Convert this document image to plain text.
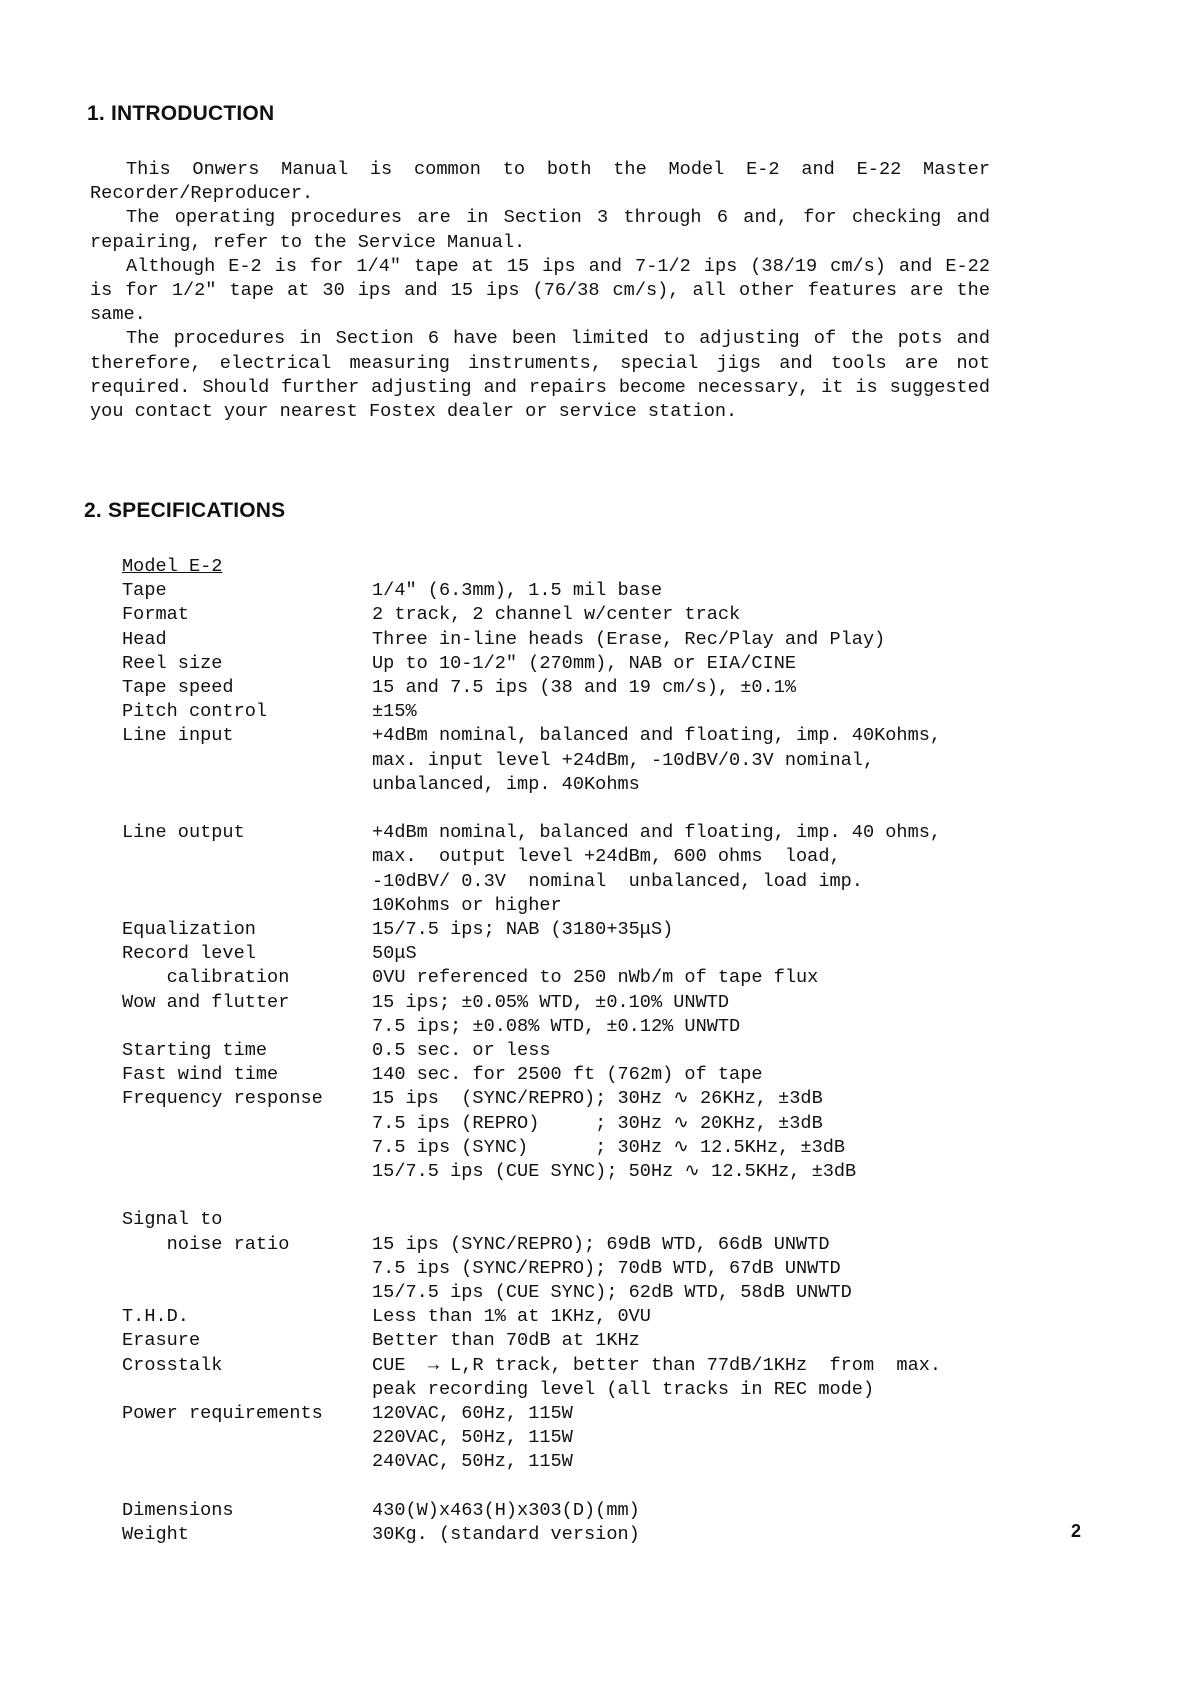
1. INTRODUCTION

This Onwers Manual is common to both the Model E-2 and E-22 Master Recorder/Reproducer.

The operating procedures are in Section 3 through 6 and, for checking and repairing, refer to the Service Manual.

Although E-2 is for 1/4" tape at 15 ips and 7-1/2 ips (38/19 cm/s) and E-22 is for 1/2" tape at 30 ips and 15 ips (76/38 cm/s), all other features are the same.

The procedures in Section 6 have been limited to adjusting of the pots and therefore, electrical measuring instruments, special jigs and tools are not required. Should further adjusting and repairs become necessary, it is suggested you contact your nearest Fostex dealer or service station.

2. SPECIFICATIONS
Model E-2
Tape	1/4" (6.3mm), 1.5 mil base
Format	2 track, 2 channel w/center track
Head	Three in-line heads (Erase, Rec/Play and Play)
Reel size	Up to 10-1/2" (270mm), NAB or EIA/CINE
Tape speed	15 and 7.5 ips (38 and 19 cm/s), ±0.1%
Pitch control	±15%
Line input	+4dBm nominal, balanced and floating, imp. 40Kohms,
max. input level +24dBm, -10dBV/0.3V nominal,
unbalanced, imp. 40Kohms
Line output	+4dBm nominal, balanced and floating, imp. 40 ohms,
max.  output level +24dBm, 600 ohms  load,
-10dBV/ 0.3V  nominal  unbalanced, load imp.
10Kohms or higher
Equalization	15/7.5 ips; NAB (3180+35μS)
Record level	50μS
calibration	0VU referenced to 250 nWb/m of tape flux
Wow and flutter	15 ips; ±0.05% WTD, ±0.10% UNWTD
7.5 ips; ±0.08% WTD, ±0.12% UNWTD
Starting time	0.5 sec. or less
Fast wind time	140 sec. for 2500 ft (762m) of tape
Frequency response	15 ips  (SYNC/REPRO); 30Hz ∿ 26KHz, ±3dB
7.5 ips (REPRO)     ; 30Hz ∿ 20KHz, ±3dB
7.5 ips (SYNC)      ; 30Hz ∿ 12.5KHz, ±3dB
15/7.5 ips (CUE SYNC); 50Hz ∿ 12.5KHz, ±3dB
Signal to
noise ratio	15 ips (SYNC/REPRO); 69dB WTD, 66dB UNWTD
7.5 ips (SYNC/REPRO); 70dB WTD, 67dB UNWTD
15/7.5 ips (CUE SYNC); 62dB WTD, 58dB UNWTD
T.H.D.	Less than 1% at 1KHz, 0VU
Erasure	Better than 70dB at 1KHz
Crosstalk	CUE  → L,R track, better than 77dB/1KHz  from  max.
peak recording level (all tracks in REC mode)
Power requirements	120VAC, 60Hz, 115W
220VAC, 50Hz, 115W
240VAC, 50Hz, 115W
Dimensions	430(W)x463(H)x303(D)(mm)
Weight	30Kg. (standard version)	2
